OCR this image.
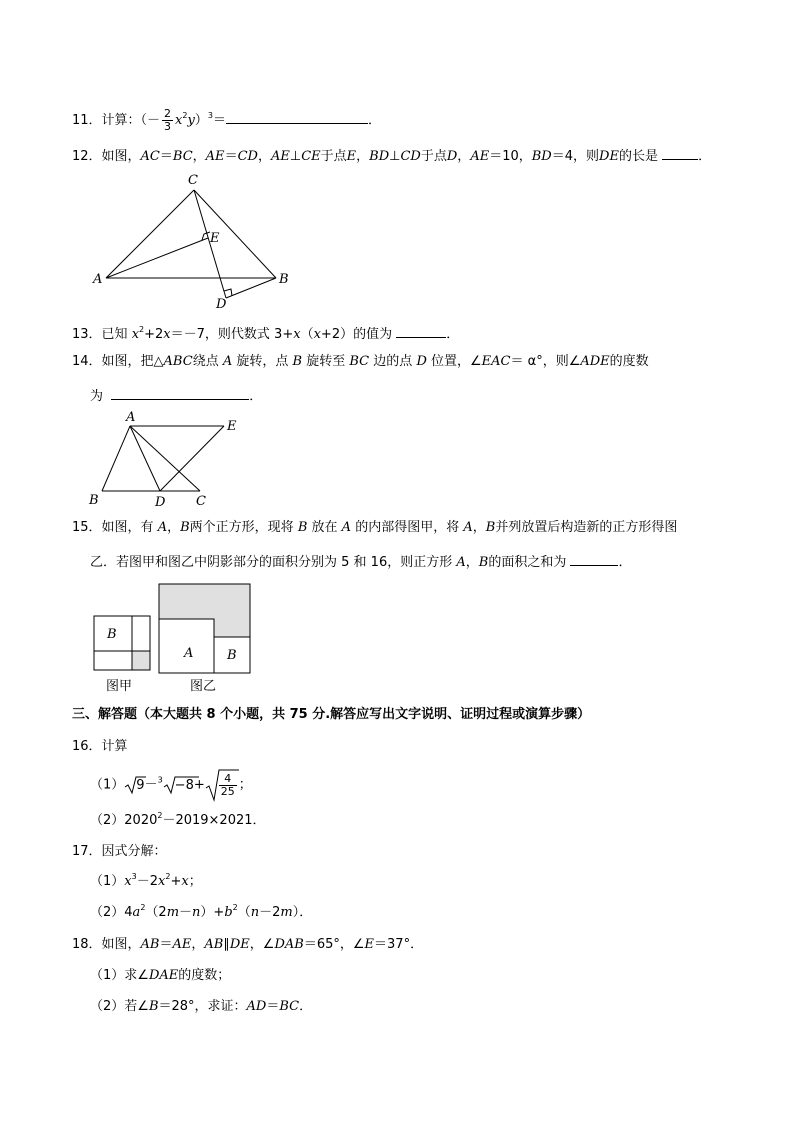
11．计算：（－ $\frac{2}{3} x^2y)^3=$	．
12．如图，AC＝BC，AE＝CD，AE⊥CE于点E，BD⊥CD于点D，AE＝10，BD＝4，则DE的长是	．
C
E
A	B
D
13．已知 $x^2+2x=-7$，则代数式 3+x（x+2）的值为	．
14．如图，把△ABC绕点 A 旋转，点 B 旋转至 BC 边的点 D 位置，∠EAC＝ α°，则∠ADE的度数
为	．
A
E
B	D C
15．如图，有 A，B两个正方形，现将 B 放在 A 的内部得图甲，将 A，B并列放置后构造新的正方形得图
乙．若图甲和图乙中阴影部分的面积分别为 5 和 16，则正方形 A，B的面积之和为	．
B
A	B
图甲	图乙
三、解答题（本大题共 8 个小题，共 75 分.解答应写出文字说明、证明过程或演算步骤）
16．计算
（1） $9-^3 -8+ \frac{4}{25}$ ；
$(2)2020^2-2019\times 2021$．
17．因式分解：
$(1)x^3-2x^2+x$；
$(2)4a^2(2m-n)+b^2(n-2m)$．
18．如图，AB＝AE，AB∥DE，∠DAB＝65°，∠E＝37°．
（1）求∠DAE的度数；
（2）若∠B＝28°，求证：AD＝BC．
